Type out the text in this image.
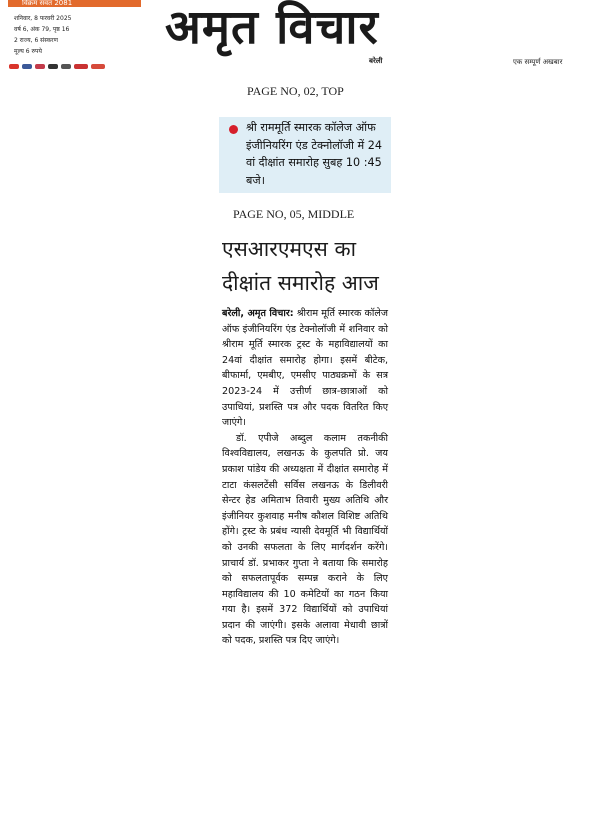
विक्रम संवत 2081
शनिवार, 8 फरवरी 2025
वर्ष 6, अंक 79, पृष्ठ 16
2 राज्य, 6 संस्करण
मूल्य 6 रुपये	अमृत विचार
बरेली	एक सम्पूर्ण अखबार
PAGE NO, 02, TOP
श्री राममूर्ति स्मारक कॉलेज ऑफ इंजीनियरिंग एंड टेक्नोलॉजी में 24 वां दीक्षांत समारोह सुबह 10 :45 बजे।
PAGE NO, 05, MIDDLE
एसआरएमएस का दीक्षांत समारोह आज

बरेली, अमृत विचार: श्रीराम मूर्ति स्मारक कॉलेज ऑफ इंजीनियरिंग एंड टेक्नोलॉजी में शनिवार को श्रीराम मूर्ति स्मारक ट्रस्ट के महाविद्यालयों का 24वां दीक्षांत समारोह होगा। इसमें बीटेक, बीफार्मा, एमबीए, एमसीए पाठ्यक्रमों के सत्र 2023-24 में उत्तीर्ण छात्र-छात्राओं को उपाधियां, प्रशस्ति पत्र और पदक वितरित किए जाएंगे।

डॉ. एपीजे अब्दुल कलाम तकनीकी विश्वविद्यालय, लखनऊ के कुलपति प्रो. जय प्रकाश पांडेय की अध्यक्षता में दीक्षांत समारोह में टाटा कंसलटेंसी सर्विस लखनऊ के डिलीवरी सेन्टर हेड अमिताभ तिवारी मुख्य अतिथि और इंजीनियर कुशवाह मनीष कौशल विशिष्ट अतिथि होंगे। ट्रस्ट के प्रबंध न्यासी देवमूर्ति भी विद्यार्थियों को उनकी सफलता के लिए मार्गदर्शन करेंगे। प्राचार्य डॉ. प्रभाकर गुप्ता ने बताया कि समारोह को सफलतापूर्वक सम्पन्न कराने के लिए महाविद्यालय की 10 कमेटियों का गठन किया गया है। इसमें 372 विद्यार्थियों को उपाधियां प्रदान की जाएंगी। इसके अलावा मेधावी छात्रों को पदक, प्रशस्ति पत्र दिए जाएंगे।
